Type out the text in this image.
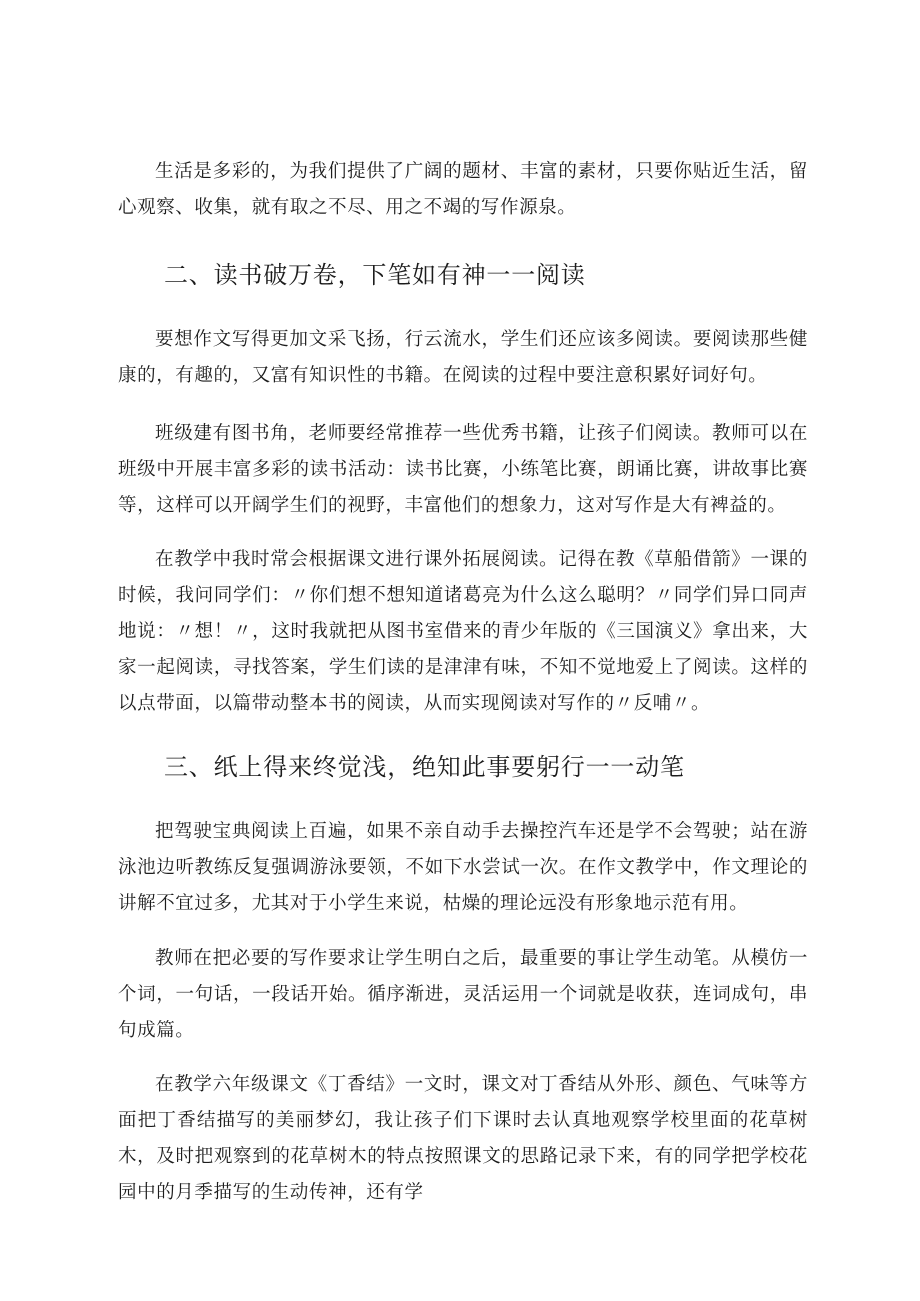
生活是多彩的，为我们提供了广阔的题材、丰富的素材，只要你贴近生活，留心观察、收集，就有取之不尽、用之不竭的写作源泉。

二、读书破万卷，下笔如有神一一阅读

要想作文写得更加文采飞扬，行云流水，学生们还应该多阅读。要阅读那些健康的，有趣的，又富有知识性的书籍。在阅读的过程中要注意积累好词好句。

班级建有图书角，老师要经常推荐一些优秀书籍，让孩子们阅读。教师可以在班级中开展丰富多彩的读书活动：读书比赛，小练笔比赛，朗诵比赛，讲故事比赛等，这样可以开阔学生们的视野，丰富他们的想象力，这对写作是大有裨益的。

在教学中我时常会根据课文进行课外拓展阅读。记得在教《草船借箭》一课的时候，我问同学们：〃你们想不想知道诸葛亮为什么这么聪明？〃同学们异口同声地说：〃想！〃，这时我就把从图书室借来的青少年版的《三国演义》拿出来，大家一起阅读，寻找答案，学生们读的是津津有味，不知不觉地爱上了阅读。这样的以点带面，以篇带动整本书的阅读，从而实现阅读对写作的〃反哺〃。

三、纸上得来终觉浅，绝知此事要躬行一一动笔

把驾驶宝典阅读上百遍，如果不亲自动手去操控汽车还是学不会驾驶；站在游泳池边听教练反复强调游泳要领，不如下水尝试一次。在作文教学中，作文理论的讲解不宜过多，尤其对于小学生来说，枯燥的理论远没有形象地示范有用。

教师在把必要的写作要求让学生明白之后，最重要的事让学生动笔。从模仿一个词，一句话，一段话开始。循序渐进，灵活运用一个词就是收获，连词成句，串句成篇。

在教学六年级课文《丁香结》一文时，课文对丁香结从外形、颜色、气味等方面把丁香结描写的美丽梦幻，我让孩子们下课时去认真地观察学校里面的花草树木，及时把观察到的花草树木的特点按照课文的思路记录下来，有的同学把学校花园中的月季描写的生动传神，还有学
